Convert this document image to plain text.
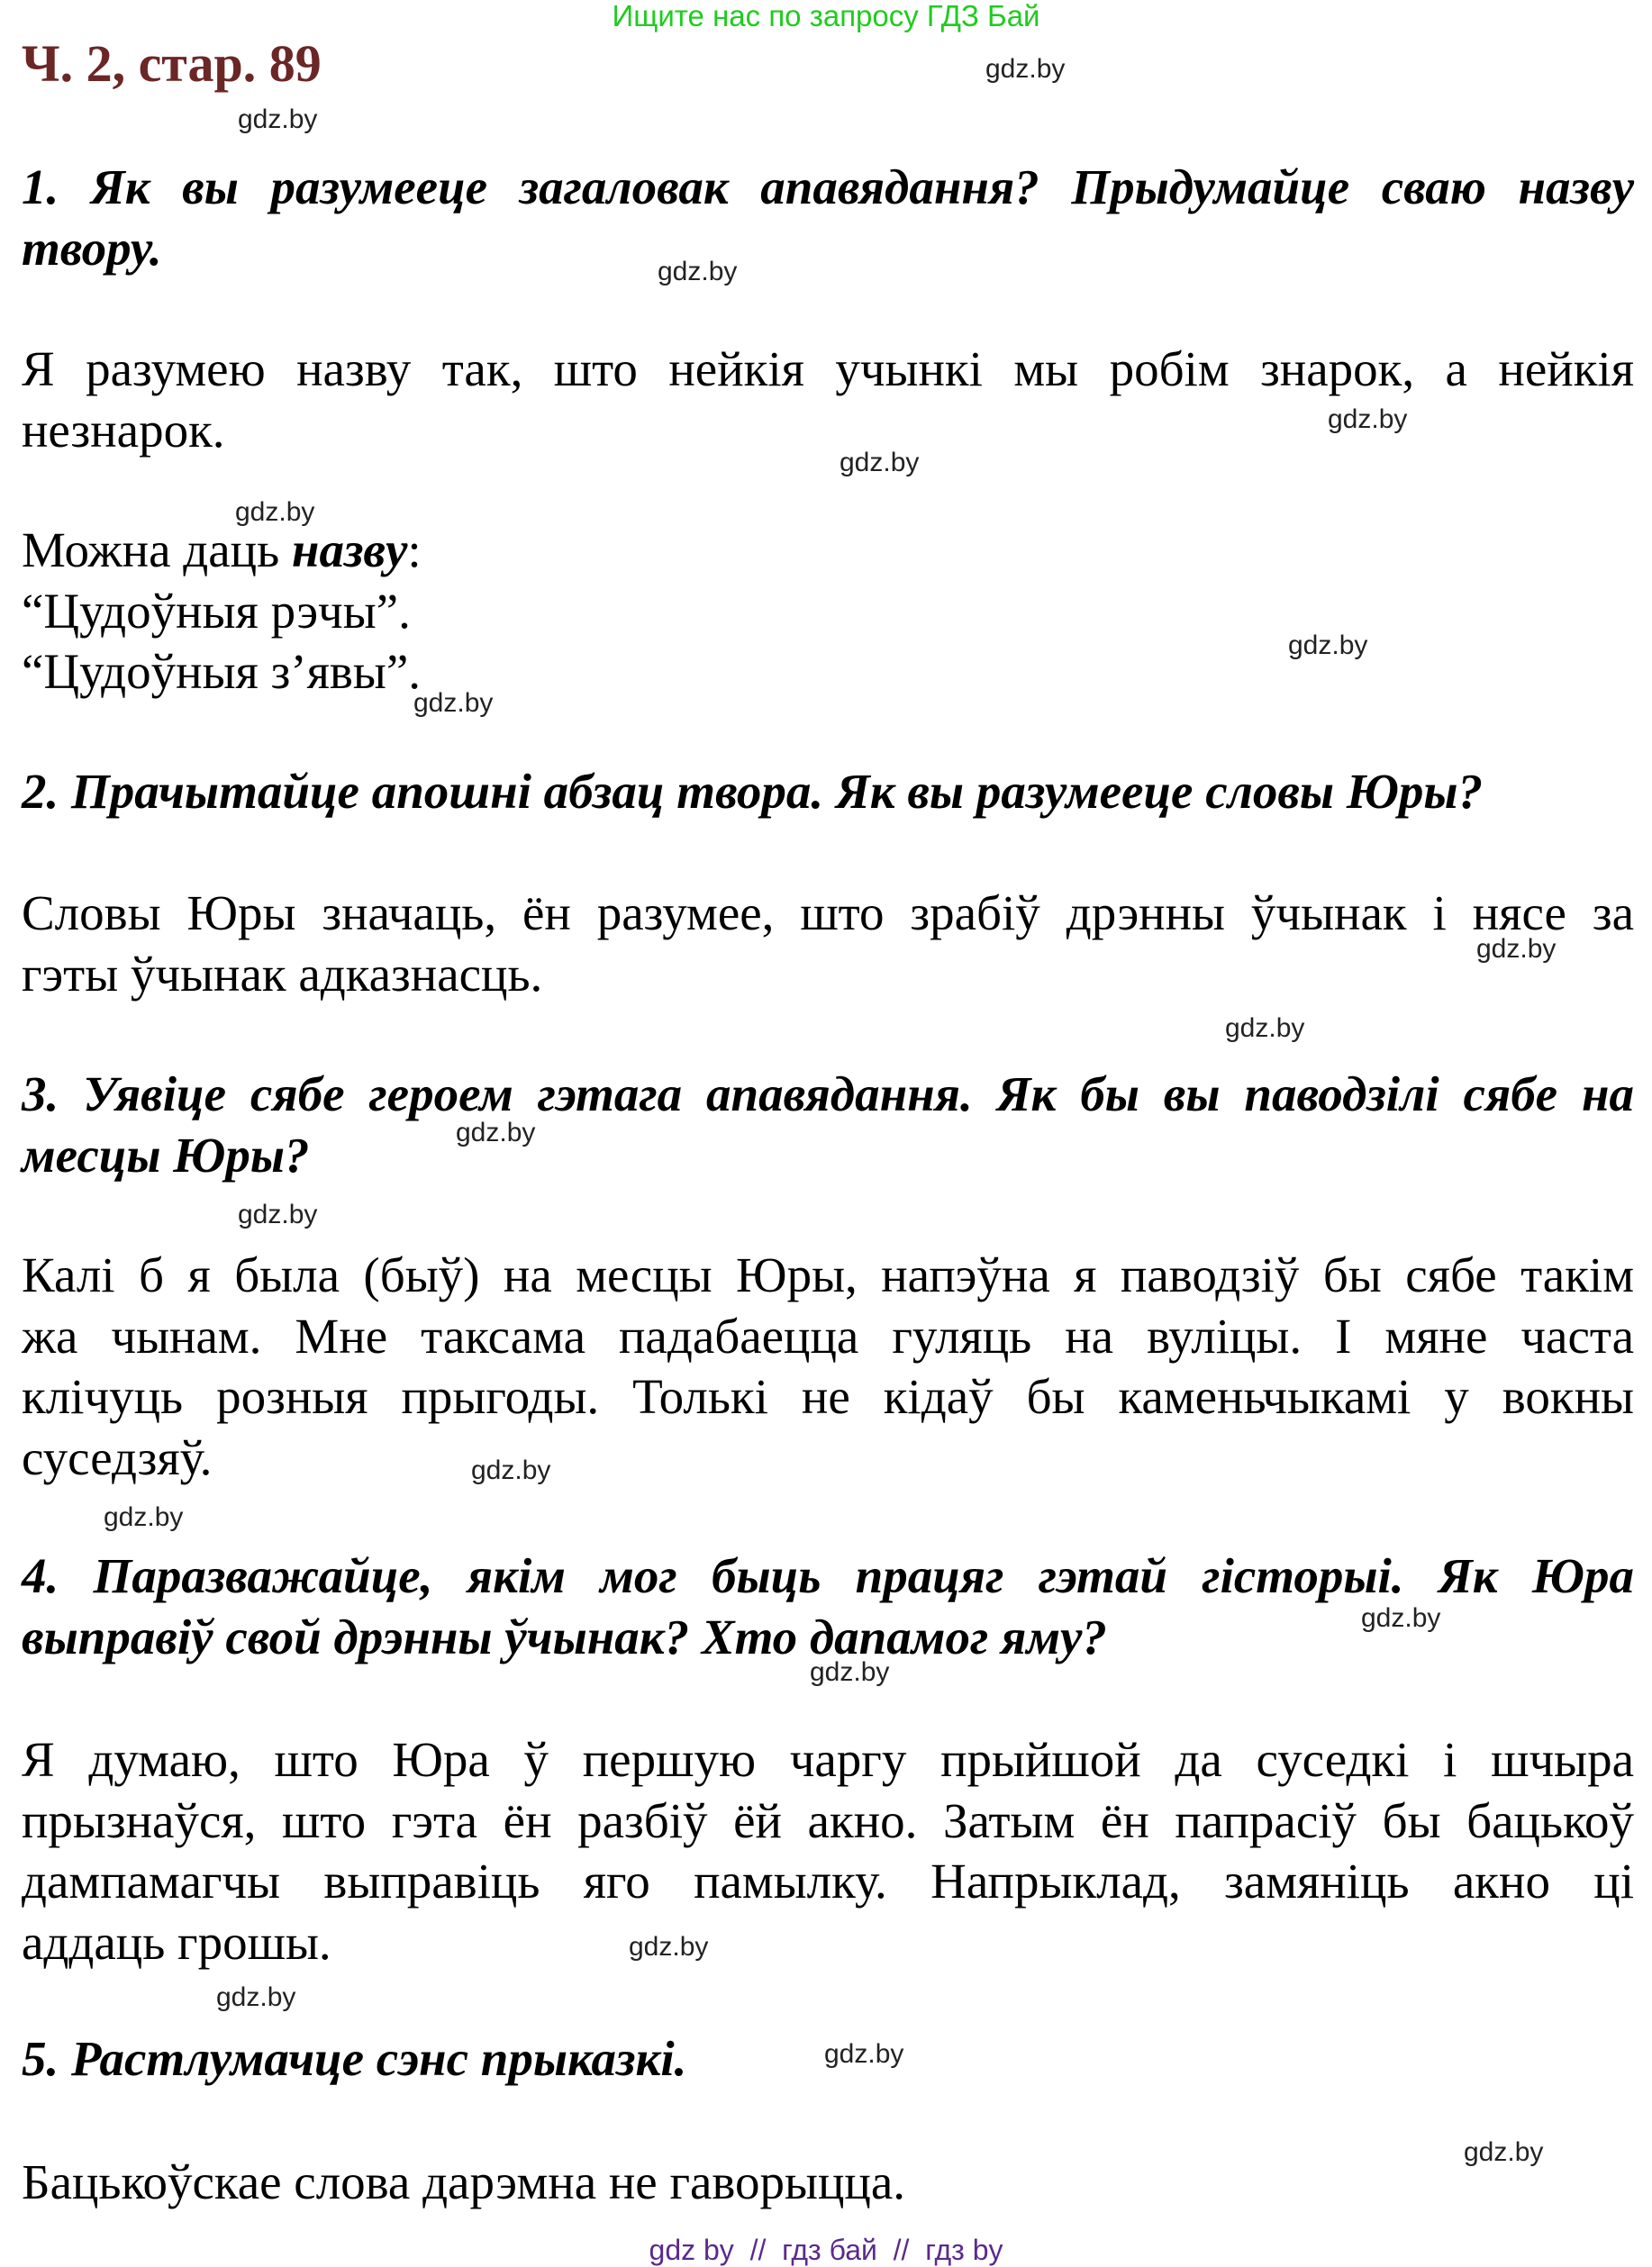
Ищите нас по запросу ГДЗ Бай
Ч. 2, стар. 89	gdz.by
gdz.by
gdz.by
gdz.by
gdz.by
gdz.by
gdz.by
gdz.by
gdz.by
gdz.by
gdz.by
gdz.by
gdz.by
gdz.by
gdz.by
gdz.by
gdz.by
gdz.by
gdz.by
gdz.by
1. Як вы разумееце загаловак апавядання? Прыдумайце сваю назву
твору.
Я разумею назву так, што нейкія учынкі мы робім знарок, а нейкія
незнарок.
Можна даць назву:
“Цудоўныя рэчы”.
“Цудоўныя з’явы”.
2. Прачытайце апошні абзац твора. Як вы разумееце словы Юры?
Словы Юры значаць, ён разумее, што зрабіў дрэнны ўчынак і нясе за
гэты ўчынак адказнасць.
3. Уявіце сябе героем гэтага апавядання. Як бы вы паводзілі сябе на
месцы Юры?
Калі б я была (быў) на месцы Юры, напэўна я паводзіў бы сябе такім
жа чынам. Мне таксама падабаецца гуляць на вуліцы. І мяне часта
клічуць розныя прыгоды. Толькі не кідаў бы каменьчыкамі у вокны
суседзяў.
4. Паразважайце, якім мог быць працяг гэтай гісторыі. Як Юра
выправіў свой дрэнны ўчынак? Хто дапамог яму?
Я думаю, што Юра ў першую чаргу прыйшой да суседкі і шчыра
прызнаўся, што гэта ён разбіў ёй акно. Затым ён папрасіў бы бацькоў
дампамагчы выправіць яго памылку. Напрыклад, замяніць акно ці
аддаць грошы.
5. Растлумачце сэнс прыказкі.
Бацькоўскае слова дарэмна не гаворыцца.
gdz by  //  гдз бай  //  гдз by
